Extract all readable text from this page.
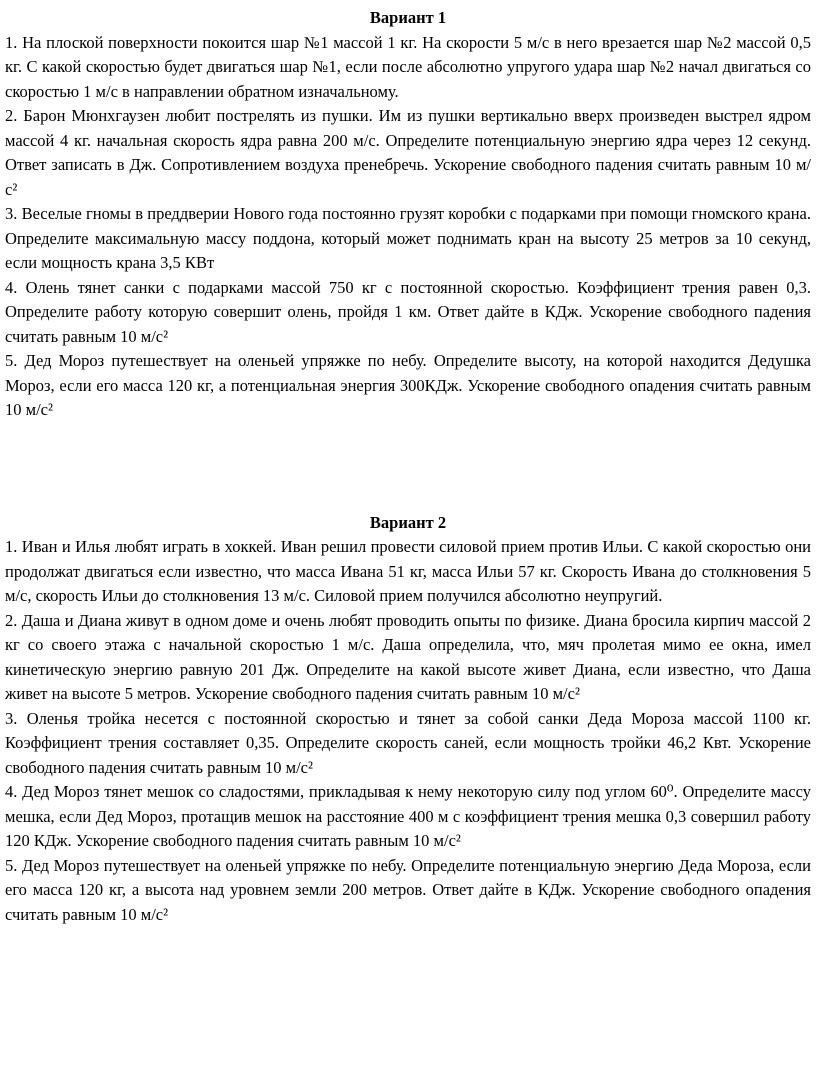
Вариант 1

1. На плоской поверхности покоится шар №1 массой 1 кг. На скорости 5 м/с в него врезается шар №2 массой 0,5 кг. С какой скоростью будет двигаться шар №1, если после абсолютно упругого удара шар №2 начал двигаться со скоростью 1 м/с в направлении обратном изначальному.

2. Барон Мюнхгаузен любит пострелять из пушки. Им из пушки вертикально вверх произведен выстрел ядром массой 4 кг. начальная скорость ядра равна 200 м/с. Определите потенциальную энергию ядра через 12 секунд. Ответ записать в Дж. Сопротивлением воздуха пренебречь. Ускорение свободного падения считать равным 10 м/с²

3. Веселые гномы в преддверии Нового года постоянно грузят коробки с подарками при помощи гномского крана. Определите максимальную массу поддона, который может поднимать кран на высоту 25 метров за 10 секунд, если мощность крана 3,5 КВт

4. Олень тянет санки с подарками массой 750 кг с постоянной скоростью. Коэффициент трения равен 0,3. Определите работу которую совершит олень, пройдя 1 км. Ответ дайте в КДж. Ускорение свободного падения считать равным 10 м/с²

5. Дед Мороз путешествует на оленьей упряжке по небу. Определите высоту, на которой находится Дедушка Мороз, если его масса 120 кг, а потенциальная энергия 300КДж. Ускорение свободного опадения считать равным 10 м/с²

Вариант 2

1. Иван и Илья любят играть в хоккей. Иван решил провести силовой прием против Ильи. С какой скоростью они продолжат двигаться если известно, что масса Ивана 51 кг, масса Ильи 57 кг. Скорость Ивана до столкновения 5 м/с, скорость Ильи до столкновения 13 м/с. Силовой прием получился абсолютно неупругий.

2. Даша и Диана живут в одном доме и очень любят проводить опыты по физике. Диана бросила кирпич массой 2 кг со своего этажа с начальной скоростью 1 м/с. Даша определила, что, мяч пролетая мимо ее окна, имел кинетическую энергию равную 201 Дж. Определите на какой высоте живет Диана, если известно, что Даша живет на высоте 5 метров. Ускорение свободного падения считать равным 10 м/с²

3. Оленья тройка несется с постоянной скоростью и тянет за собой санки Деда Мороза массой 1100 кг. Коэффициент трения составляет 0,35. Определите скорость саней, если мощность тройки 46,2 Квт. Ускорение свободного падения считать равным 10 м/с²

4. Дед Мороз тянет мешок со сладостями, прикладывая к нему некоторую силу под углом 60⁰. Определите массу мешка, если Дед Мороз, протащив мешок на расстояние 400 м с коэффициент трения мешка 0,3 совершил работу 120 КДж. Ускорение свободного падения считать равным 10 м/с²

5. Дед Мороз путешествует на оленьей упряжке по небу. Определите потенциальную энергию Деда Мороза, если его масса 120 кг, а высота над уровнем земли 200 метров. Ответ дайте в КДж. Ускорение свободного опадения считать равным 10 м/с²
